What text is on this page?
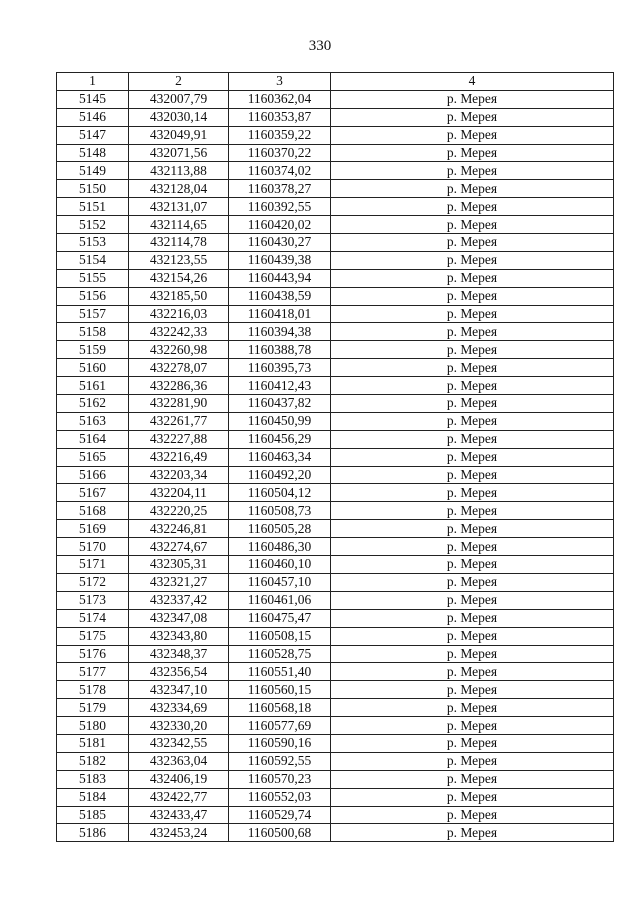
330
1	2	3	4
5145	432007,79	1160362,04	р. Мерея
5146	432030,14	1160353,87	р. Мерея
5147	432049,91	1160359,22	р. Мерея
5148	432071,56	1160370,22	р. Мерея
5149	432113,88	1160374,02	р. Мерея
5150	432128,04	1160378,27	р. Мерея
5151	432131,07	1160392,55	р. Мерея
5152	432114,65	1160420,02	р. Мерея
5153	432114,78	1160430,27	р. Мерея
5154	432123,55	1160439,38	р. Мерея
5155	432154,26	1160443,94	р. Мерея
5156	432185,50	1160438,59	р. Мерея
5157	432216,03	1160418,01	р. Мерея
5158	432242,33	1160394,38	р. Мерея
5159	432260,98	1160388,78	р. Мерея
5160	432278,07	1160395,73	р. Мерея
5161	432286,36	1160412,43	р. Мерея
5162	432281,90	1160437,82	р. Мерея
5163	432261,77	1160450,99	р. Мерея
5164	432227,88	1160456,29	р. Мерея
5165	432216,49	1160463,34	р. Мерея
5166	432203,34	1160492,20	р. Мерея
5167	432204,11	1160504,12	р. Мерея
5168	432220,25	1160508,73	р. Мерея
5169	432246,81	1160505,28	р. Мерея
5170	432274,67	1160486,30	р. Мерея
5171	432305,31	1160460,10	р. Мерея
5172	432321,27	1160457,10	р. Мерея
5173	432337,42	1160461,06	р. Мерея
5174	432347,08	1160475,47	р. Мерея
5175	432343,80	1160508,15	р. Мерея
5176	432348,37	1160528,75	р. Мерея
5177	432356,54	1160551,40	р. Мерея
5178	432347,10	1160560,15	р. Мерея
5179	432334,69	1160568,18	р. Мерея
5180	432330,20	1160577,69	р. Мерея
5181	432342,55	1160590,16	р. Мерея
5182	432363,04	1160592,55	р. Мерея
5183	432406,19	1160570,23	р. Мерея
5184	432422,77	1160552,03	р. Мерея
5185	432433,47	1160529,74	р. Мерея
5186	432453,24	1160500,68	р. Мерея
